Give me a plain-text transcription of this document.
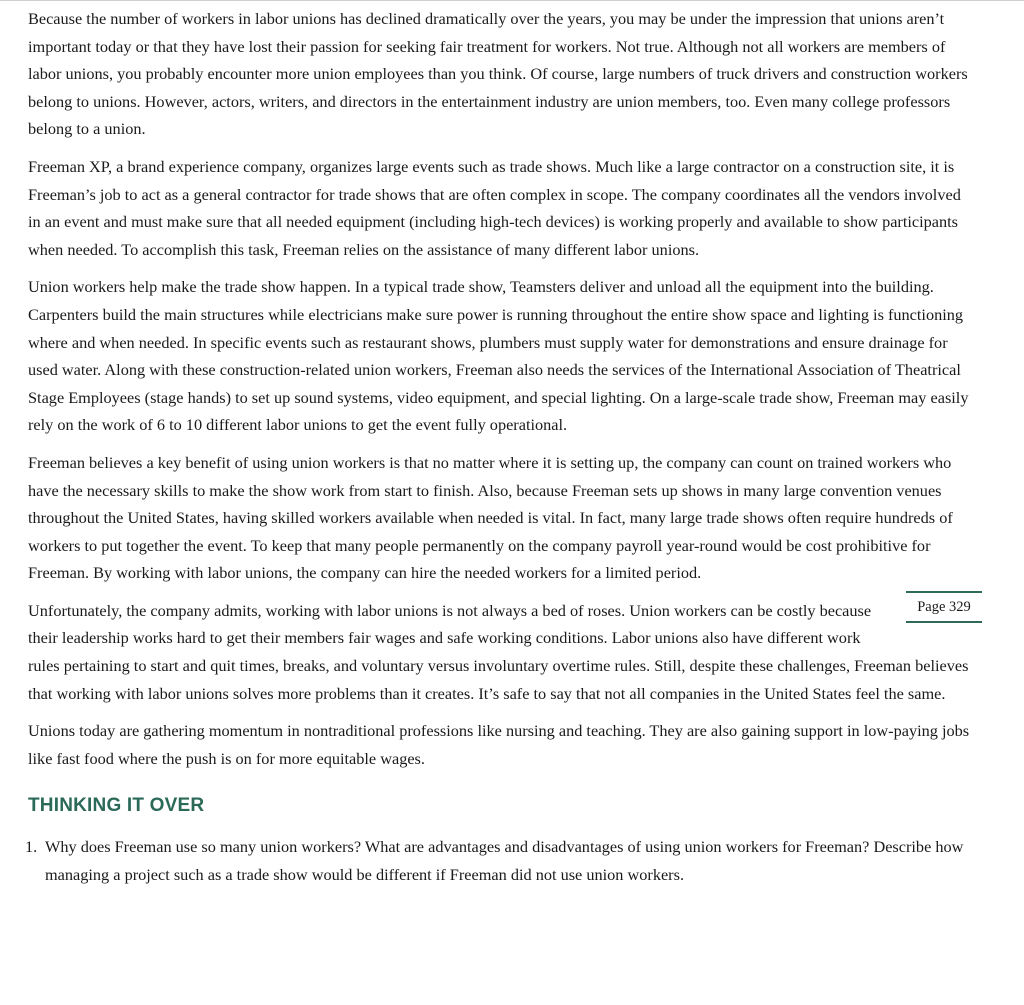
Because the number of workers in labor unions has declined dramatically over the years, you may be under the impression that unions aren’t important today or that they have lost their passion for seeking fair treatment for workers. Not true. Although not all workers are members of labor unions, you probably encounter more union employees than you think. Of course, large numbers of truck drivers and construction workers belong to unions. However, actors, writers, and directors in the entertainment industry are union members, too. Even many college professors belong to a union.

Freeman XP, a brand experience company, organizes large events such as trade shows. Much like a large contractor on a construction site, it is Freeman’s job to act as a general contractor for trade shows that are often complex in scope. The company coordinates all the vendors involved in an event and must make sure that all needed equipment (including high-tech devices) is working properly and available to show participants when needed. To accomplish this task, Freeman relies on the assistance of many different labor unions.

Union workers help make the trade show happen. In a typical trade show, Teamsters deliver and unload all the equipment into the building. Carpenters build the main structures while electricians make sure power is running throughout the entire show space and lighting is functioning where and when needed. In specific events such as restaurant shows, plumbers must supply water for demonstrations and ensure drainage for used water. Along with these construction-related union workers, Freeman also needs the services of the International Association of Theatrical Stage Employees (stage hands) to set up sound systems, video equipment, and special lighting. On a large-scale trade show, Freeman may easily rely on the work of 6 to 10 different labor unions to get the event fully operational.

Freeman believes a key benefit of using union workers is that no matter where it is setting up, the company can count on trained workers who have the necessary skills to make the show work from start to finish. Also, because Freeman sets up shows in many large convention venues throughout the United States, having skilled workers available when needed is vital. In fact, many large trade shows often require hundreds of workers to put together the event. To keep that many people permanently on the company payroll year-round would be cost prohibitive for Freeman. By working with labor unions, the company can hire the needed workers for a limited period.

Page 329
Unfortunately, the company admits, working with labor unions is not always a bed of roses. Union workers can be costly because their leadership works hard to get their members fair wages and safe working conditions. Labor unions also have different work rules pertaining to start and quit times, breaks, and voluntary versus involuntary overtime rules. Still, despite these challenges, Freeman believes that working with labor unions solves more problems than it creates. It’s safe to say that not all companies in the United States feel the same.

Unions today are gathering momentum in nontraditional professions like nursing and teaching. They are also gaining support in low-paying jobs like fast food where the push is on for more equitable wages.

THINKING IT OVER
1. Why does Freeman use so many union workers? What are advantages and disadvantages of using union workers for Freeman? Describe how managing a project such as a trade show would be different if Freeman did not use union workers.
